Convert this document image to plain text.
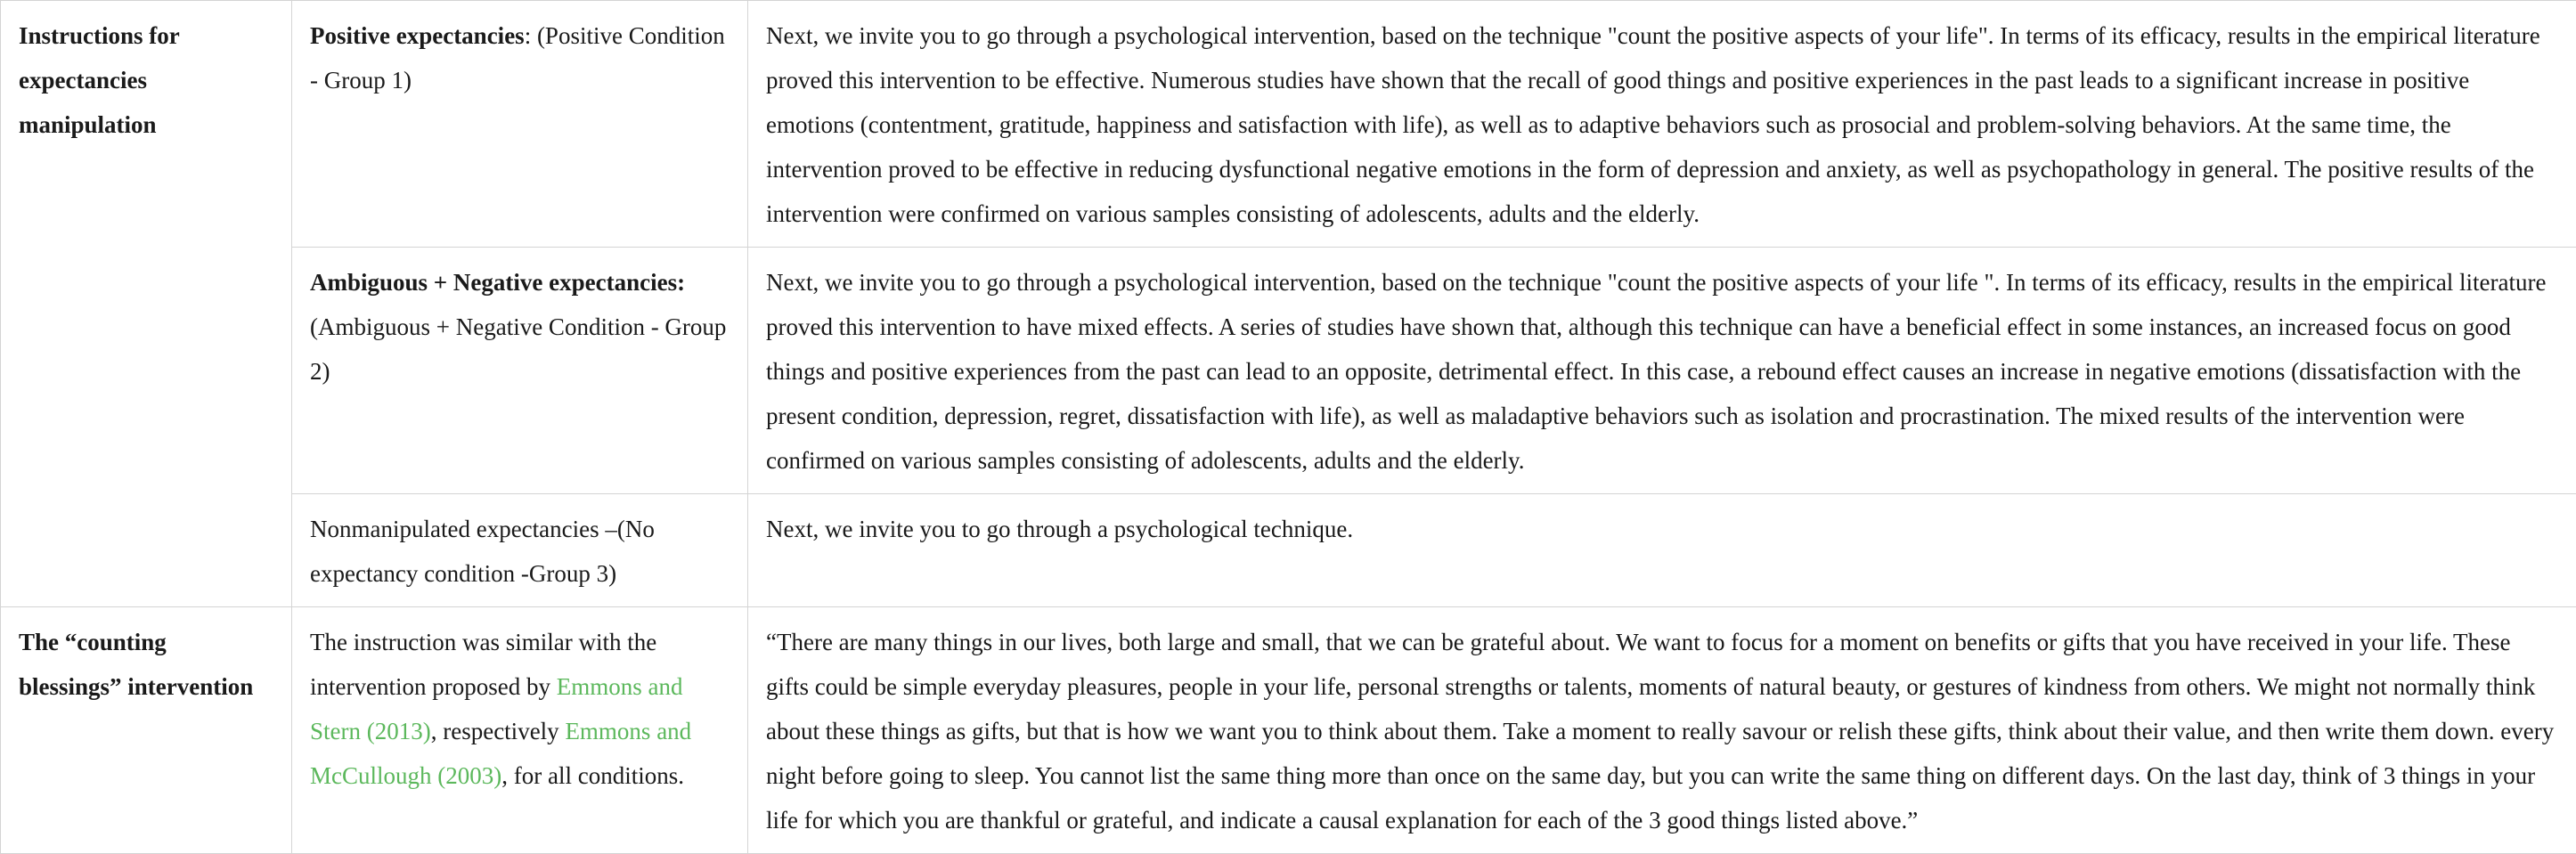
Instructions for expectancies manipulation	Positive expectancies: (Positive Condition - Group 1)	Next, we invite you to go through a psychological intervention, based on the technique "count the positive aspects of your life". In terms of its efficacy, results in the empirical literature proved this intervention to be effective. Numerous studies have shown that the recall of good things and positive experiences in the past leads to a significant increase in positive emotions (contentment, gratitude, happiness and satisfaction with life), as well as to adaptive behaviors such as prosocial and problem-solving behaviors. At the same time, the intervention proved to be effective in reducing dysfunctional negative emotions in the form of depression and anxiety, as well as psychopathology in general. The positive results of the intervention were confirmed on various samples consisting of adolescents, adults and the elderly.
	Ambiguous + Negative expectancies: (Ambiguous + Negative Condition - Group 2)	Next, we invite you to go through a psychological intervention, based on the technique "count the positive aspects of your life ". In terms of its efficacy, results in the empirical literature proved this intervention to have mixed effects. A series of studies have shown that, although this technique can have a beneficial effect in some instances, an increased focus on good things and positive experiences from the past can lead to an opposite, detrimental effect. In this case, a rebound effect causes an increase in negative emotions (dissatisfaction with the present condition, depression, regret, dissatisfaction with life), as well as maladaptive behaviors such as isolation and procrastination. The mixed results of the intervention were confirmed on various samples consisting of adolescents, adults and the elderly.
	Nonmanipulated expectancies –(No expectancy condition -Group 3)	Next, we invite you to go through a psychological technique.
The “counting blessings” intervention	The instruction was similar with the intervention proposed by Emmons and Stern (2013), respectively Emmons and McCullough (2003), for all conditions.	“There are many things in our lives, both large and small, that we can be grateful about. We want to focus for a moment on benefits or gifts that you have received in your life. These gifts could be simple everyday pleasures, people in your life, personal strengths or talents, moments of natural beauty, or gestures of kindness from others. We might not normally think about these things as gifts, but that is how we want you to think about them. Take a moment to really savour or relish these gifts, think about their value, and then write them down. every night before going to sleep. You cannot list the same thing more than once on the same day, but you can write the same thing on different days. On the last day, think of 3 things in your life for which you are thankful or grateful, and indicate a causal explanation for each of the 3 good things listed above.”
